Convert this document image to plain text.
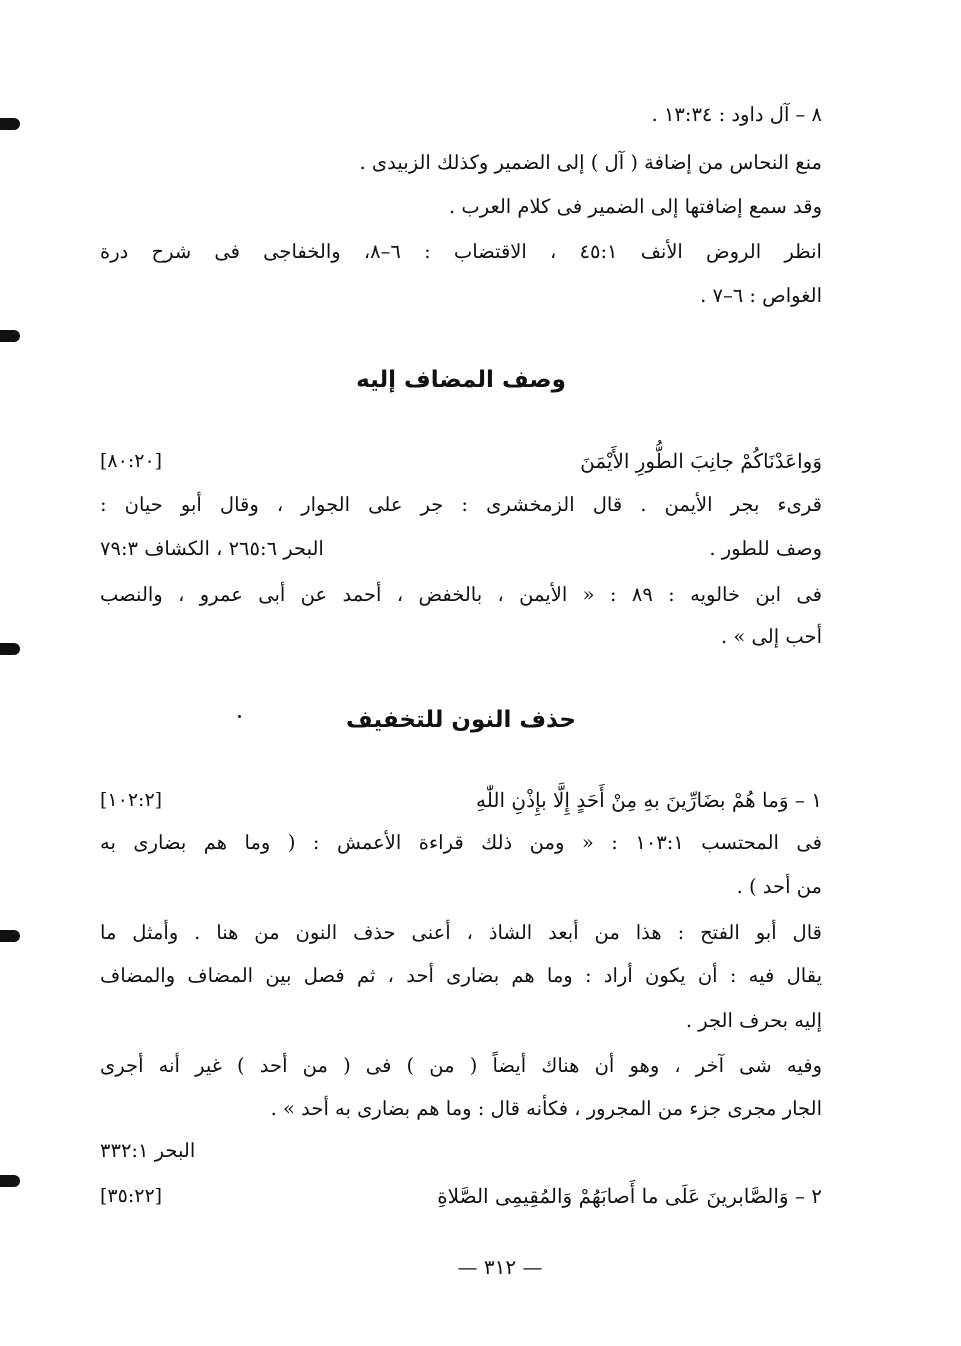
٨ – آل داود : ١٣:٣٤ .
منع النحاس من إضافة ( آل ) إلى الضمير وكذلك الزبيدى .
وقد سمع إضافتها إلى الضمير فى كلام العرب .
انظر الروض الأنف ٤٥:١ ، الاقتضاب : ٦–٨، والخفاجى فى شرح درة
الغواص : ٦–٧ .
وصف المضاف إليه
وَواعَدْنَاكُمْ جانِبَ الطُّورِ الأَيْمَنَ
[٨٠:٢٠]
قرىء بجر الأيمن . قال الزمخشرى : جر على الجوار ، وقال أبو حيان :
وصف للطور .
البحر ٢٦٥:٦ ، الكشاف ٧٩:٣
فى ابن خالويه : ٨٩ : « الأيمن ، بالخفض ، أحمد عن أبى عمرو ، والنصب
أحب إلى » .
حذف النون للتخفيف
١ – وَما هُمْ بضَارِّينَ بهِ مِنْ أَحَدٍ إِلَّا بإِذْنِ اللّٰهِ
[١٠٢:٢]
فى المحتسب ١٠٣:١ : « ومن ذلك قراءة الأعمش : ( وما هم بضارى به
من أحد ) .
قال أبو الفتح : هذا من أبعد الشاذ ، أعنى حذف النون من هنا . وأمثل ما
يقال فيه : أن يكون أراد : وما هم بضارى أحد ، ثم فصل بين المضاف والمضاف
إليه بحرف الجر .
وفيه شى آخر ، وهو أن هناك أيضاً ( من ) فى ( من أحد ) غير أنه أجرى
الجار مجرى جزء من المجرور ، فكأنه قال : وما هم بضارى به أحد » .
البحر ٣٣٢:١
٢ – وَالصَّابرينَ عَلَى ما أَصابَهُمْ وَالمُقِيمِى الصَّلاةِ
[٣٥:٢٢]
— ٣١٢ —
